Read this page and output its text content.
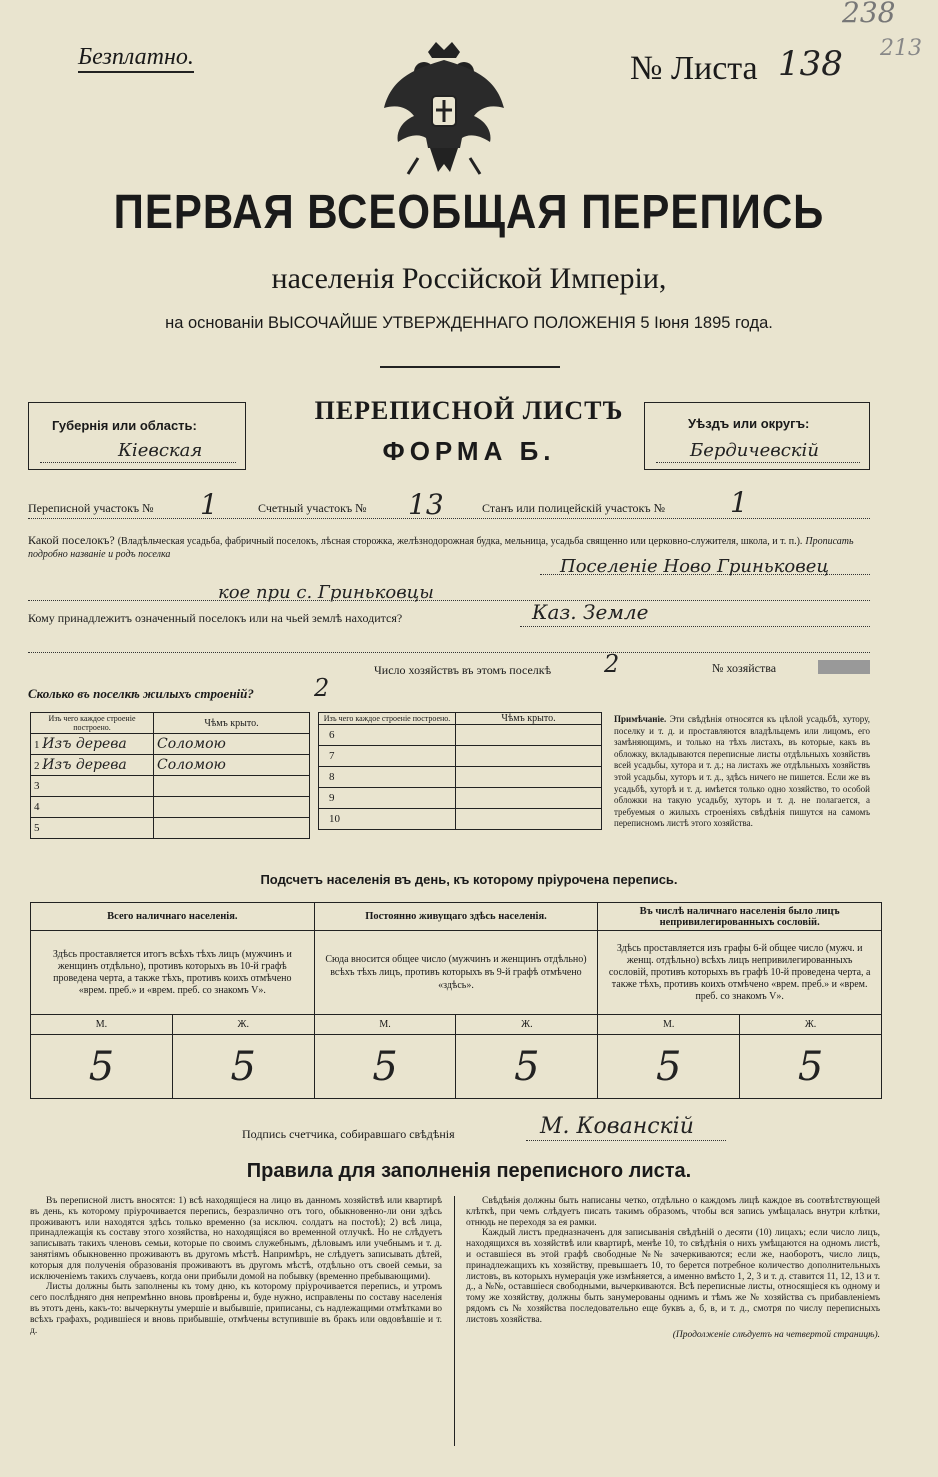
238
213
Безплатно.	№ Листа 138
ПЕРВАЯ ВСЕОБЩАЯ ПЕРЕПИСЬ
населенія Россійской Имперіи,
на основаніи ВЫСОЧАЙШЕ УТВЕРЖДЕННАГО ПОЛОЖЕНІЯ 5 Іюня 1895 года.
Губернія или область:
Кіевская
ПЕРЕПИСНОЙ ЛИСТЪ
ФОРМА Б.
Уѣздъ или округъ:
Бердичевскій
Переписной участокъ № 1	Счетный участокъ № 13	Станъ или полицейскій участокъ № 1
Какой поселокъ? (Владѣльческая усадьба, фабричный поселокъ, лѣсная сторожка, желѣзнодорожная будка, мельница, усадьба священно или церковно-служителя, школа, и т. п.). Прописать подробно названіе и родъ поселка
Поселеніе Ново Гриньковец
кое при с. Гриньковцы
Кому принадлежитъ означенный поселокъ или на чьей землѣ находится?	Каз. Земле
Число хозяйствъ въ этомъ поселкѣ 2	№ хозяйства
Сколько въ поселкѣ жилыхъ строеній?	2
Изъ чего каждое строеніе построено.	Чѣмъ крыто.
1 Изъ дерева	Соломою
2 Изъ дерева	Соломою
3	
4	
5	
Изъ чего каждое строеніе построено.	Чѣмъ крыто.
6	
7	
8	
9	
10	
Примѣчаніе. Эти свѣдѣнія относятся къ цѣлой усадьбѣ, хутору, поселку и т. д. и проставляются владѣльцемъ или лицомъ, его замѣняющимъ, и только на тѣхъ листахъ, въ которые, какъ въ обложку, вкладываются переписные листы отдѣльныхъ хозяйствъ всей усадьбы, хутора и т. д.; на листахъ же отдѣльныхъ хозяйствъ этой усадьбы, хуторъ и т. д., здѣсь ничего не пишется. Если же въ усадьбѣ, хуторѣ и т. д. имѣется только одно хозяйство, то особой обложки на такую усадьбу, хуторъ и т. д. не полагается, а требуемыя о жилыхъ строеніяхъ свѣдѣнія пишутся на самомъ переписномъ листѣ этого хозяйства.
Подсчетъ населенія въ день, къ которому пріурочена перепись.
Всего наличнаго населенія.		Постоянно живущаго здѣсь населенія.		Въ числѣ наличнаго населенія было лицъ непривилегированныхъ сословій.	
Здѣсь проставляется итогъ всѣхъ тѣхъ лицъ (мужчинъ и женщинъ отдѣльно), противъ которыхъ въ 10-й графѣ проведена черта, а также тѣхъ, противъ коихъ отмѣчено «врем. преб.» и «врем. преб. со знакомъ V».		Сюда вносится общее число (мужчинъ и женщинъ отдѣльно) всѣхъ тѣхъ лицъ, противъ которыхъ въ 9-й графѣ отмѣчено «здѣсь».		Здѣсь проставляется изъ графы 6-й общее число (мужч. и женщ. отдѣльно) всѣхъ лицъ непривилегированныхъ сословій, противъ которыхъ въ графѣ 10-й проведена черта, а также тѣхъ, противъ коихъ отмѣчено «врем. преб.» и «врем. преб. со знакомъ V».	
М.	Ж.	М.	Ж.	М.	Ж.
5	5	5	5	5	5
Подпись счетчика, собиравшаго свѣдѣнія	М. Кованскій
Правила для заполненія переписного листа.
Въ переписной листъ вносятся: 1) всѣ находящіеся на лицо въ данномъ хозяйствѣ или квартирѣ въ день, къ которому пріурочивается перепись, безразлично отъ того, обыкновенно-ли они здѣсь проживаютъ или находятся здѣсь только временно (за исключ. солдатъ на постоѣ); 2) всѣ лица, принадлежащія къ составу этого хозяйства, но находящіяся во временной отлучкѣ. Но не слѣдуетъ записывать такихъ членовъ семьи, которые по своимъ служебнымъ, дѣловымъ или учебнымъ и т. д. занятіямъ обыкновенно проживаютъ въ другомъ мѣстѣ. Напримѣръ, не слѣдуетъ записывать дѣтей, которыя для полученія образованія проживаютъ въ другомъ мѣстѣ, отдѣльно отъ своей семьи, за исключеніемъ такихъ случаевъ, когда они прибыли домой на побывку (временно пребывающими).
Листы должны быть заполнены къ тому дню, къ которому пріурочивается перепись, и утромъ сего послѣдняго дня непремѣнно вновь провѣрены и, буде нужно, исправлены по составу населенія въ этотъ день, какъ-то: вычеркнуты умершіе и выбывшіе, приписаны, съ надлежащими отмѣтками во всѣхъ графахъ, родившіеся и вновь прибывшіе, отмѣчены вступившіе въ бракъ или овдовѣвшіе и т. д.
Свѣдѣнія должны быть написаны четко, отдѣльно о каждомъ лицѣ каждое въ соотвѣтствующей клѣткѣ, при чемъ слѣдуетъ писать такимъ образомъ, чтобы вся запись умѣщалась внутри клѣтки, отнюдь не переходя за ея рамки.
Каждый листъ предназначенъ для записыванія свѣдѣній о десяти (10) лицахъ; если число лицъ, находящихся въ хозяйствѣ или квартирѣ, менѣе 10, то свѣдѣнія о нихъ умѣщаются на одномъ листѣ, и оставшіеся въ этой графѣ свободные №№ зачеркиваются; если же, наоборотъ, число лицъ, принадлежащихъ къ хозяйству, превышаетъ 10, то берется потребное количество дополнительныхъ листовъ, въ которыхъ нумерація уже измѣняется, а именно вмѣсто 1, 2, 3 и т. д. ставится 11, 12, 13 и т. д., а №№, оставшіеся свободными, вычеркиваются. Всѣ переписные листы, относящіеся къ одному и тому же хозяйству, должны быть занумерованы однимъ и тѣмъ же № хозяйства съ прибавленіемъ рядомъ съ № хозяйства последовательно еще буквъ а, б, в, и т. д., смотря по числу переписныхъ листовъ хозяйства.
(Продолженіе слѣдуетъ на четвертой страницѣ).
